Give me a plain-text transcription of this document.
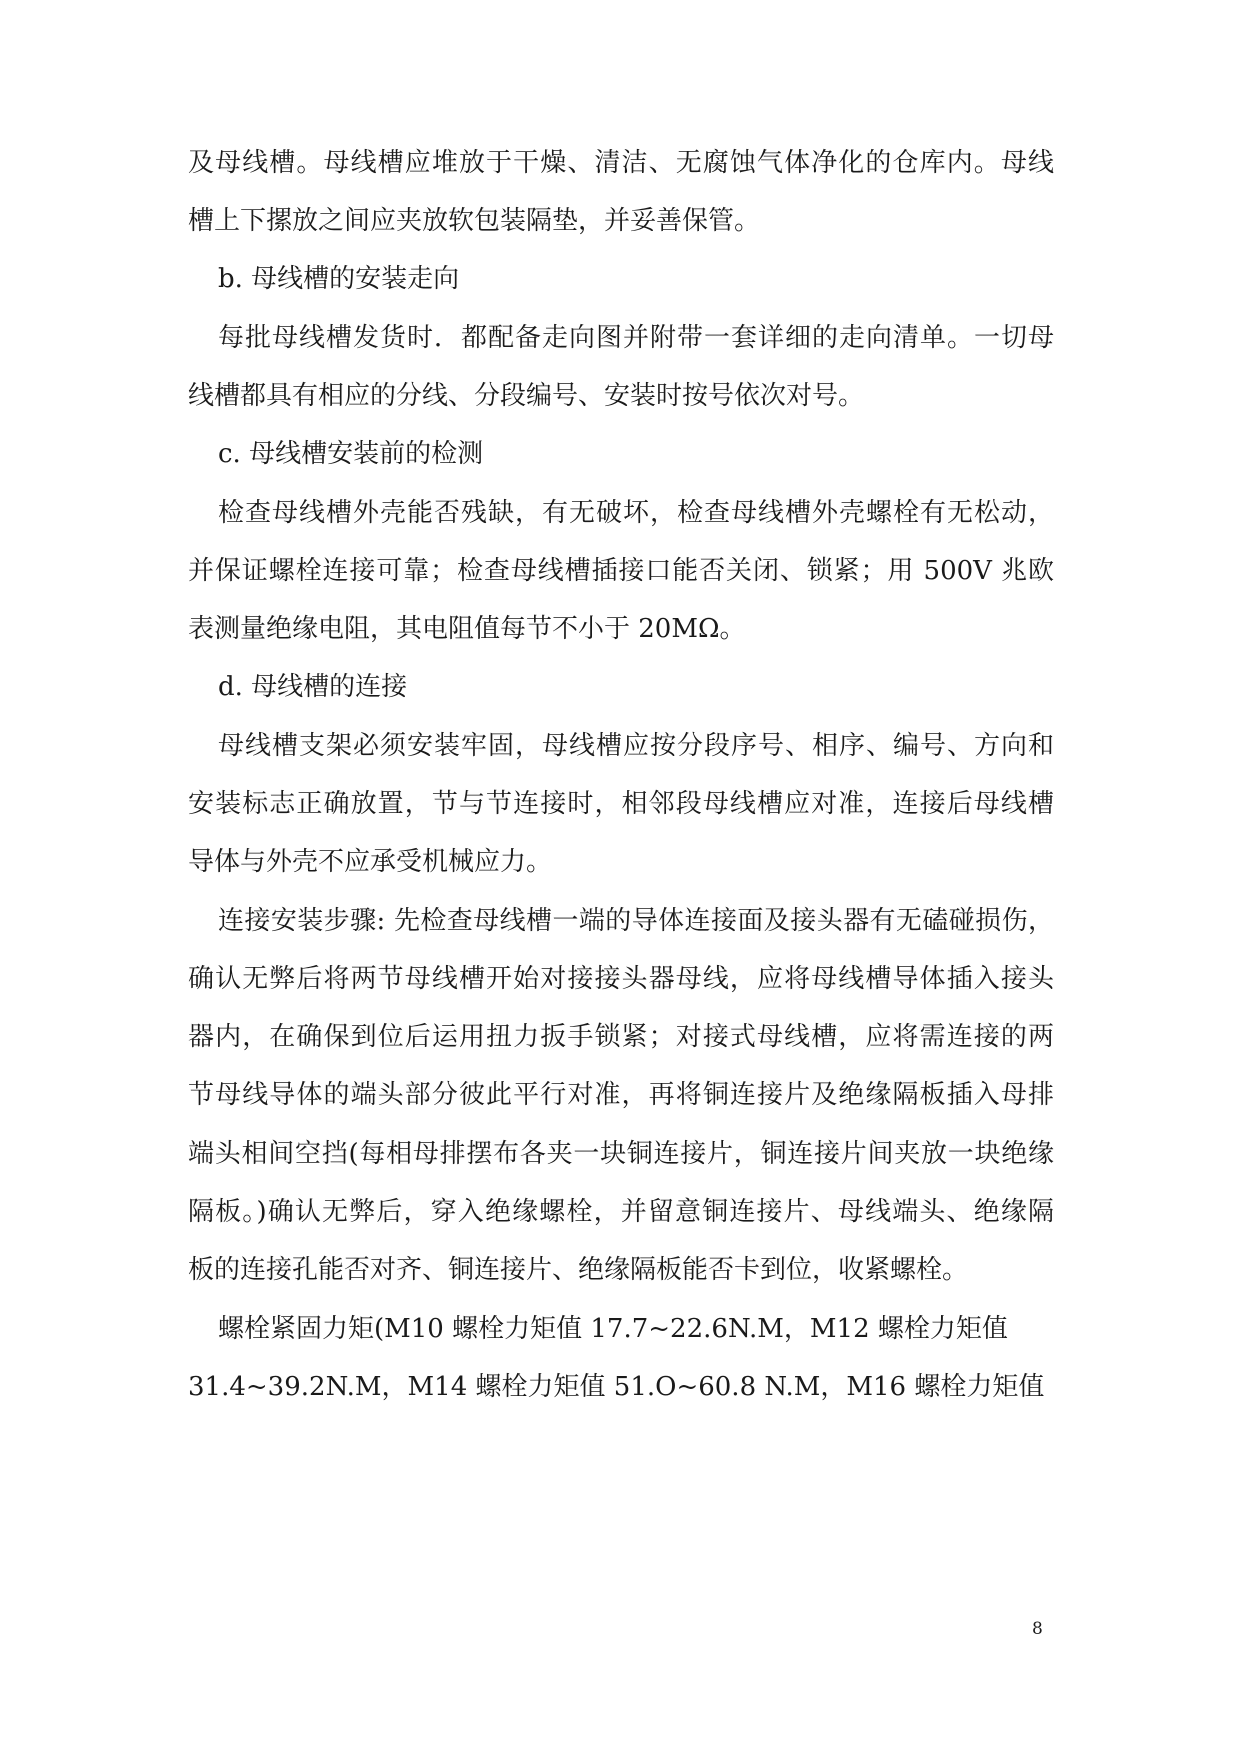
及母线槽。母线槽应堆放于干燥、清洁、无腐蚀气体净化的仓库内。母线
槽上下摞放之间应夹放软包装隔垫，并妥善保管。
b. 母线槽的安装走向
每批母线槽发货时．都配备走向图并附带一套详细的走向清单。一切母
线槽都具有相应的分线、分段编号、安装时按号依次对号。
c. 母线槽安装前的检测
检查母线槽外壳能否残缺，有无破坏，检查母线槽外壳螺栓有无松动，
并保证螺栓连接可靠；检查母线槽插接口能否关闭、锁紧；用 500V 兆欧
表测量绝缘电阻，其电阻值每节不小于 20MΩ。
d. 母线槽的连接
母线槽支架必须安装牢固，母线槽应按分段序号、相序、编号、方向和
安装标志正确放置，节与节连接时，相邻段母线槽应对准，连接后母线槽
导体与外壳不应承受机械应力。
连接安装步骤: 先检查母线槽一端的导体连接面及接头器有无磕碰损伤，
确认无弊后将两节母线槽开始对接接头器母线，应将母线槽导体插入接头
器内，在确保到位后运用扭力扳手锁紧；对接式母线槽，应将需连接的两
节母线导体的端头部分彼此平行对准，再将铜连接片及绝缘隔板插入母排
端头相间空挡(每相母排摆布各夹一块铜连接片，铜连接片间夹放一块绝缘
隔板。)确认无弊后，穿入绝缘螺栓，并留意铜连接片、母线端头、绝缘隔
板的连接孔能否对齐、铜连接片、绝缘隔板能否卡到位，收紧螺栓。
螺栓紧固力矩(M10 螺栓力矩值 17.7~22.6N.M，M12 螺栓力矩值
31.4~39.2N.M，M14 螺栓力矩值 51.O~60.8 N.M，M16 螺栓力矩值
8
